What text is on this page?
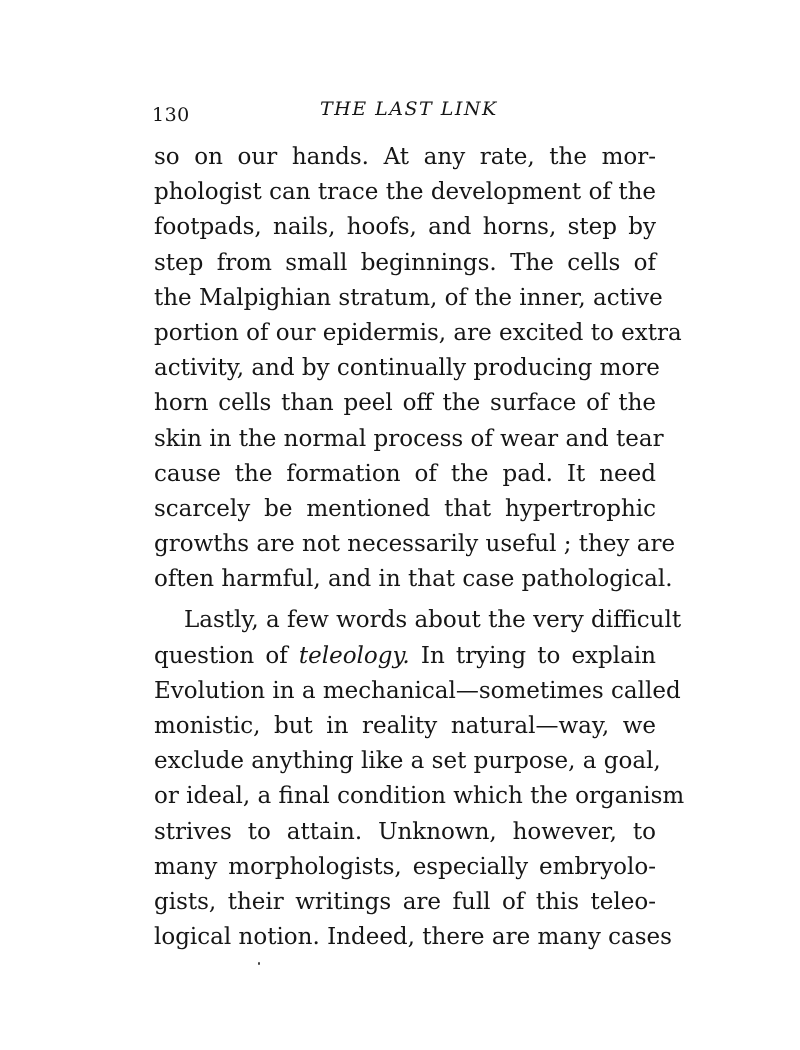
130	THE LAST LINK
so on our hands. At any rate, the mor-
phologist can trace the development of the
footpads, nails, hoofs, and horns, step by
step from small beginnings. The cells of
the Malpighian stratum, of the inner, active
portion of our epidermis, are excited to extra
activity, and by continually producing more
horn cells than peel off the surface of the
skin in the normal process of wear and tear
cause the formation of the pad. It need
scarcely be mentioned that hypertrophic
growths are not necessarily useful ; they are
often harmful, and in that case pathological.
Lastly, a few words about the very difficult
question of teleology. In trying to explain
Evolution in a mechanical—sometimes called
monistic, but in reality natural—way, we
exclude anything like a set purpose, a goal,
or ideal, a final condition which the organism
strives to attain. Unknown, however, to
many morphologists, especially embryolo-
gists, their writings are full of this teleo-
logical notion. Indeed, there are many cases
